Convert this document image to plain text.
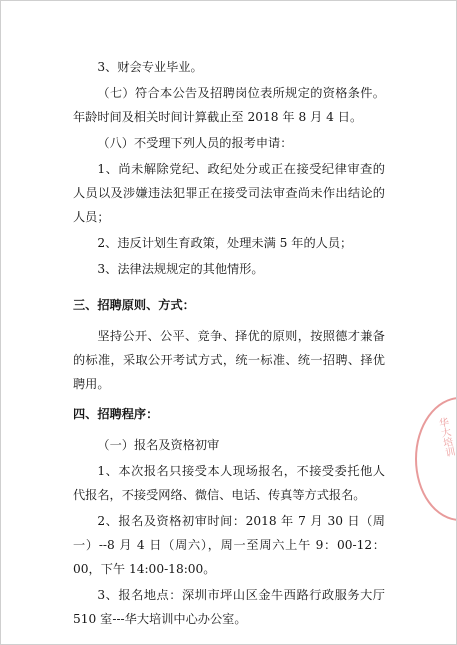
3、财会专业毕业。

（七）符合本公告及招聘岗位表所规定的资格条件。年龄时间及相关时间计算截止至 2018 年 8 月 4 日。

（八）不受理下列人员的报考申请：

1、尚未解除党纪、政纪处分或正在接受纪律审查的人员以及涉嫌违法犯罪正在接受司法审查尚未作出结论的人员；

2、违反计划生育政策，处理未满 5 年的人员；

3、法律法规规定的其他情形。

三、招聘原则、方式：

坚持公开、公平、竞争、择优的原则，按照德才兼备的标准，采取公开考试方式，统一标准、统一招聘、择优聘用。

四、招聘程序：

（一）报名及资格初审

1、本次报名只接受本人现场报名，不接受委托他人代报名，不接受网络、微信、电话、传真等方式报名。

2、报名及资格初审时间：2018 年 7 月 30 日（周一）--8 月 4 日（周六），周一至周六上午 9：00-12：00，下午 14:00-18:00。

3、报名地点：深圳市坪山区金牛西路行政服务大厅 510 室---华大培训中心办公室。

华大培训
